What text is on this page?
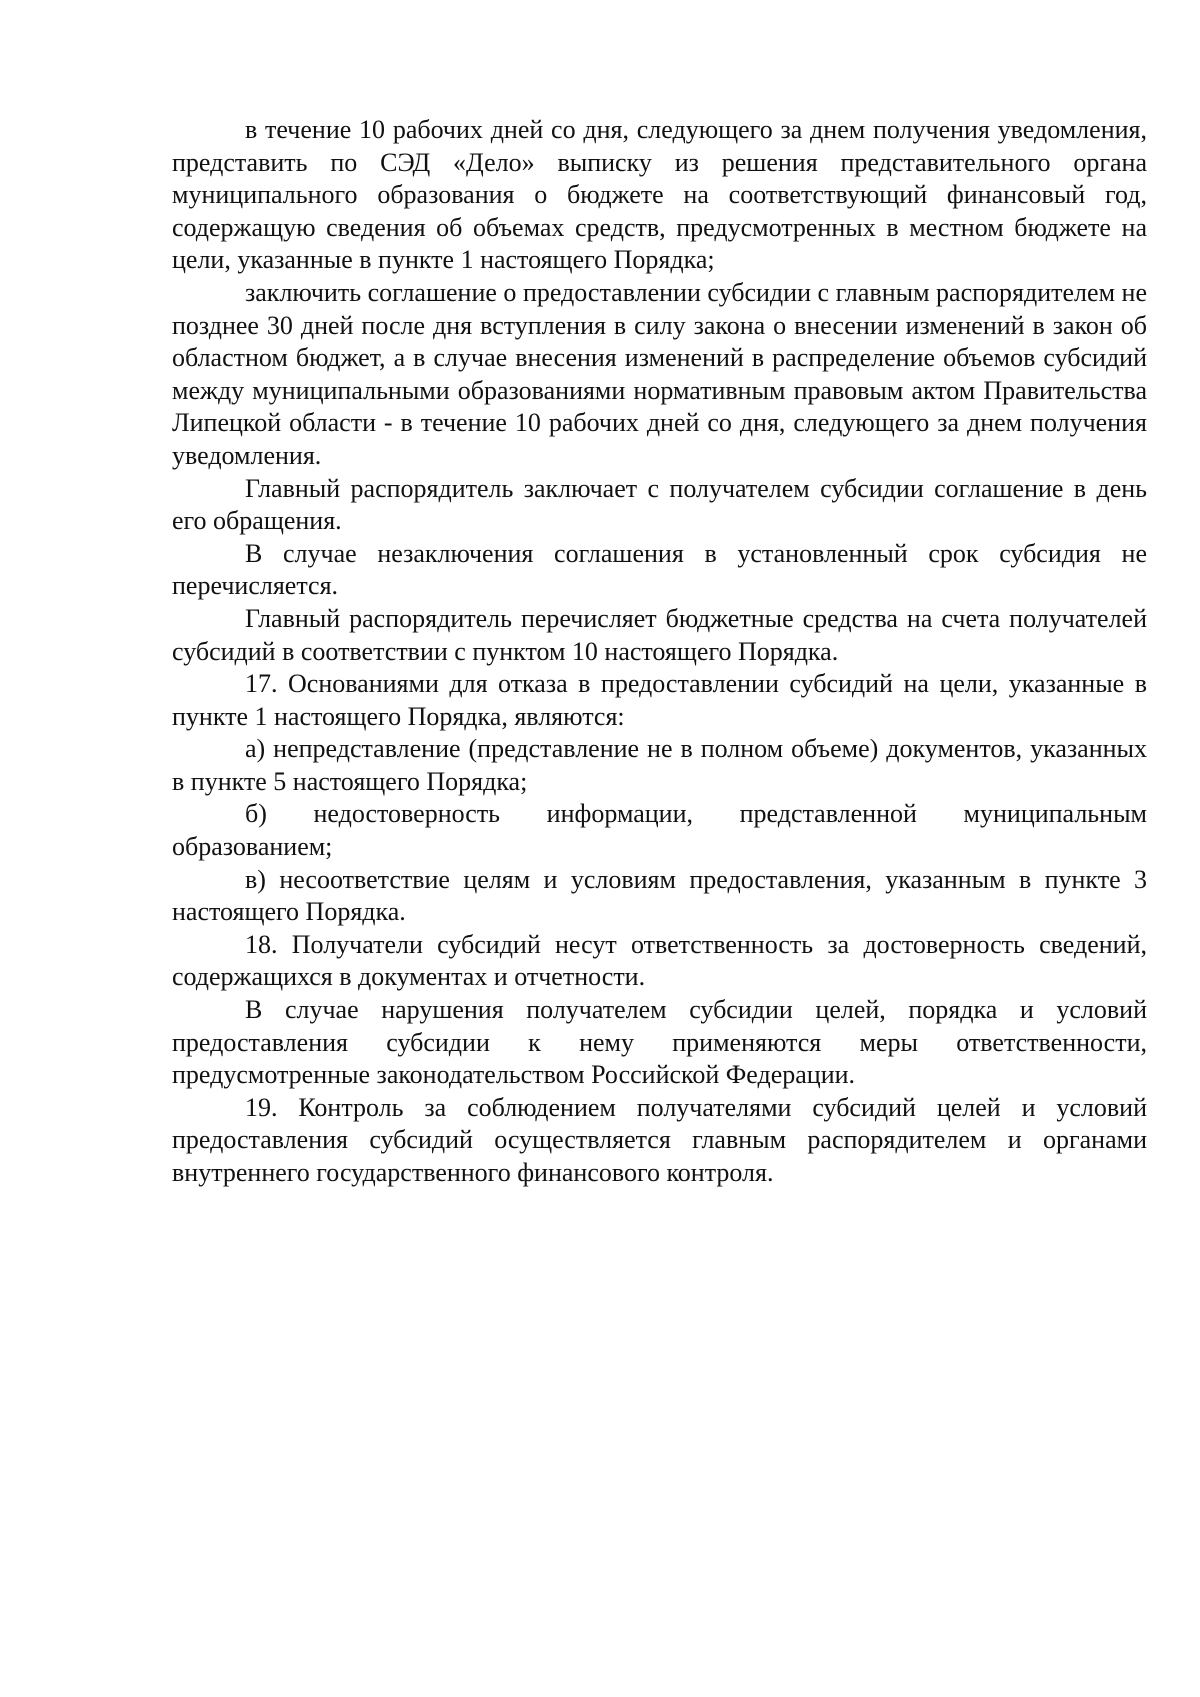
в течение 10 рабочих дней со дня, следующего за днем получения уведомления, представить по СЭД «Дело» выписку из решения представительного органа муниципального образования о бюджете на соответствующий финансовый год, содержащую сведения об объемах средств, предусмотренных в местном бюджете на цели, указанные в пункте 1 настоящего Порядка;

заключить соглашение о предоставлении субсидии с главным распорядителем не позднее 30 дней после дня вступления в силу закона о внесении изменений в закон об областном бюджет, а в случае внесения изменений в распределение объемов субсидий между муниципальными образованиями нормативным правовым актом Правительства Липецкой области - в течение 10 рабочих дней со дня, следующего за днем получения уведомления.

Главный распорядитель заключает с получателем субсидии соглашение в день его обращения.

В случае незаключения соглашения в установленный срок субсидия не перечисляется.

Главный распорядитель перечисляет бюджетные средства на счета получателей субсидий в соответствии с пунктом 10 настоящего Порядка.

17. Основаниями для отказа в предоставлении субсидий на цели, указанные в пункте 1 настоящего Порядка, являются:

а) непредставление (представление не в полном объеме) документов, указанных в пункте 5 настоящего Порядка;

б) недостоверность информации, представленной муниципальным образованием;

в) несоответствие целям и условиям предоставления, указанным в пункте 3 настоящего Порядка.

18. Получатели субсидий несут ответственность за достоверность сведений, содержащихся в документах и отчетности.

В случае нарушения получателем субсидии целей, порядка и условий предоставления субсидии к нему применяются меры ответственности, предусмотренные законодательством Российской Федерации.

19. Контроль за соблюдением получателями субсидий целей и условий предоставления субсидий осуществляется главным распорядителем и органами внутреннего государственного финансового контроля.
